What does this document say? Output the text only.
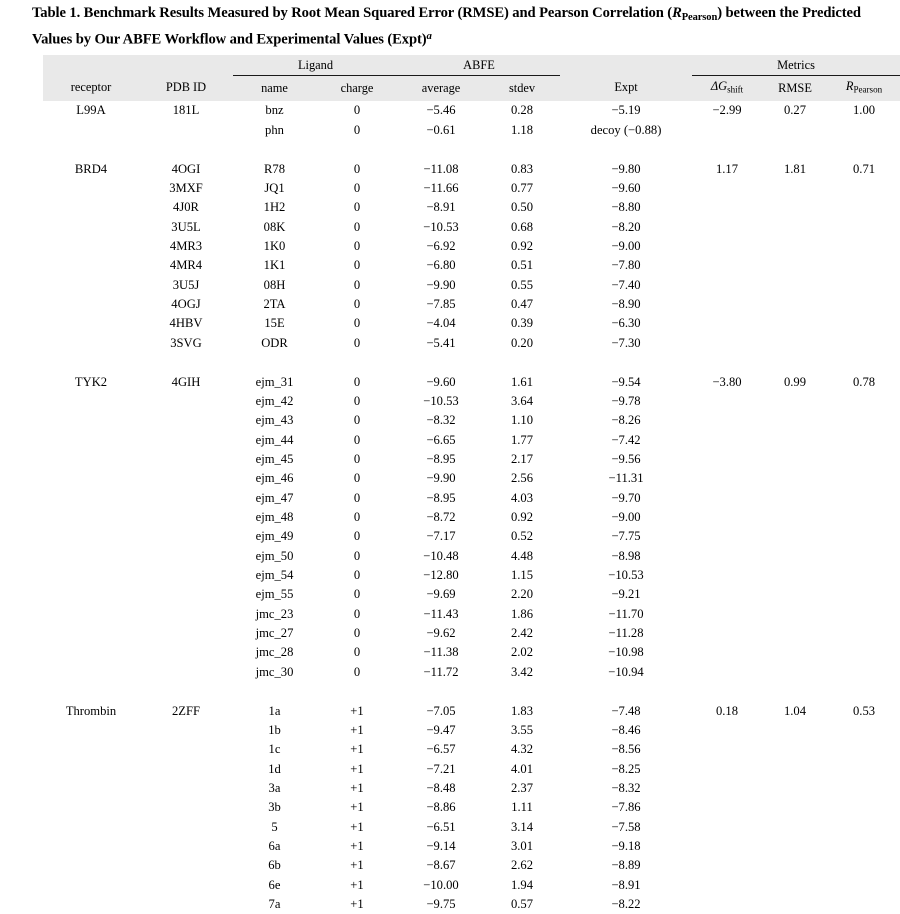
Table 1. Benchmark Results Measured by Root Mean Squared Error (RMSE) and Pearson Correlation $(R_{Pearson})$ between the Predicted Values by Our ABFE Workflow and Experimental Values (Expt)$^a$
		Ligand		ABFE			Metrics		
receptor	PDB ID	name	charge	average	stdev	Expt	$\Delta G_{shift}$	RMSE	$R_{Pearson}$
L99A	181L	bnz	0	−5.46	0.28	−5.19	−2.99	0.27	1.00
		phn	0	−0.61	1.18	decoy (−0.88)			

BRD4	4OGI	R78	0	−11.08	0.83	−9.80	1.17	1.81	0.71
	3MXF	JQ1	0	−11.66	0.77	−9.60			
	4J0R	1H2	0	−8.91	0.50	−8.80			
	3U5L	08K	0	−10.53	0.68	−8.20			
	4MR3	1K0	0	−6.92	0.92	−9.00			
	4MR4	1K1	0	−6.80	0.51	−7.80			
	3U5J	08H	0	−9.90	0.55	−7.40			
	4OGJ	2TA	0	−7.85	0.47	−8.90			
	4HBV	15E	0	−4.04	0.39	−6.30			
	3SVG	ODR	0	−5.41	0.20	−7.30			

TYK2	4GIH	ejm_31	0	−9.60	1.61	−9.54	−3.80	0.99	0.78
		ejm_42	0	−10.53	3.64	−9.78			
		ejm_43	0	−8.32	1.10	−8.26			
		ejm_44	0	−6.65	1.77	−7.42			
		ejm_45	0	−8.95	2.17	−9.56			
		ejm_46	0	−9.90	2.56	−11.31			
		ejm_47	0	−8.95	4.03	−9.70			
		ejm_48	0	−8.72	0.92	−9.00			
		ejm_49	0	−7.17	0.52	−7.75			
		ejm_50	0	−10.48	4.48	−8.98			
		ejm_54	0	−12.80	1.15	−10.53			
		ejm_55	0	−9.69	2.20	−9.21			
		jmc_23	0	−11.43	1.86	−11.70			
		jmc_27	0	−9.62	2.42	−11.28			
		jmc_28	0	−11.38	2.02	−10.98			
		jmc_30	0	−11.72	3.42	−10.94			

Thrombin	2ZFF	1a	+1	−7.05	1.83	−7.48	0.18	1.04	0.53
		1b	+1	−9.47	3.55	−8.46			
		1c	+1	−6.57	4.32	−8.56			
		1d	+1	−7.21	4.01	−8.25			
		3a	+1	−8.48	2.37	−8.32			
		3b	+1	−8.86	1.11	−7.86			
		5	+1	−6.51	3.14	−7.58			
		6a	+1	−9.14	3.01	−9.18			
		6b	+1	−8.67	2.62	−8.89			
		6e	+1	−10.00	1.94	−8.91			
		7a	+1	−9.75	0.57	−8.22			
